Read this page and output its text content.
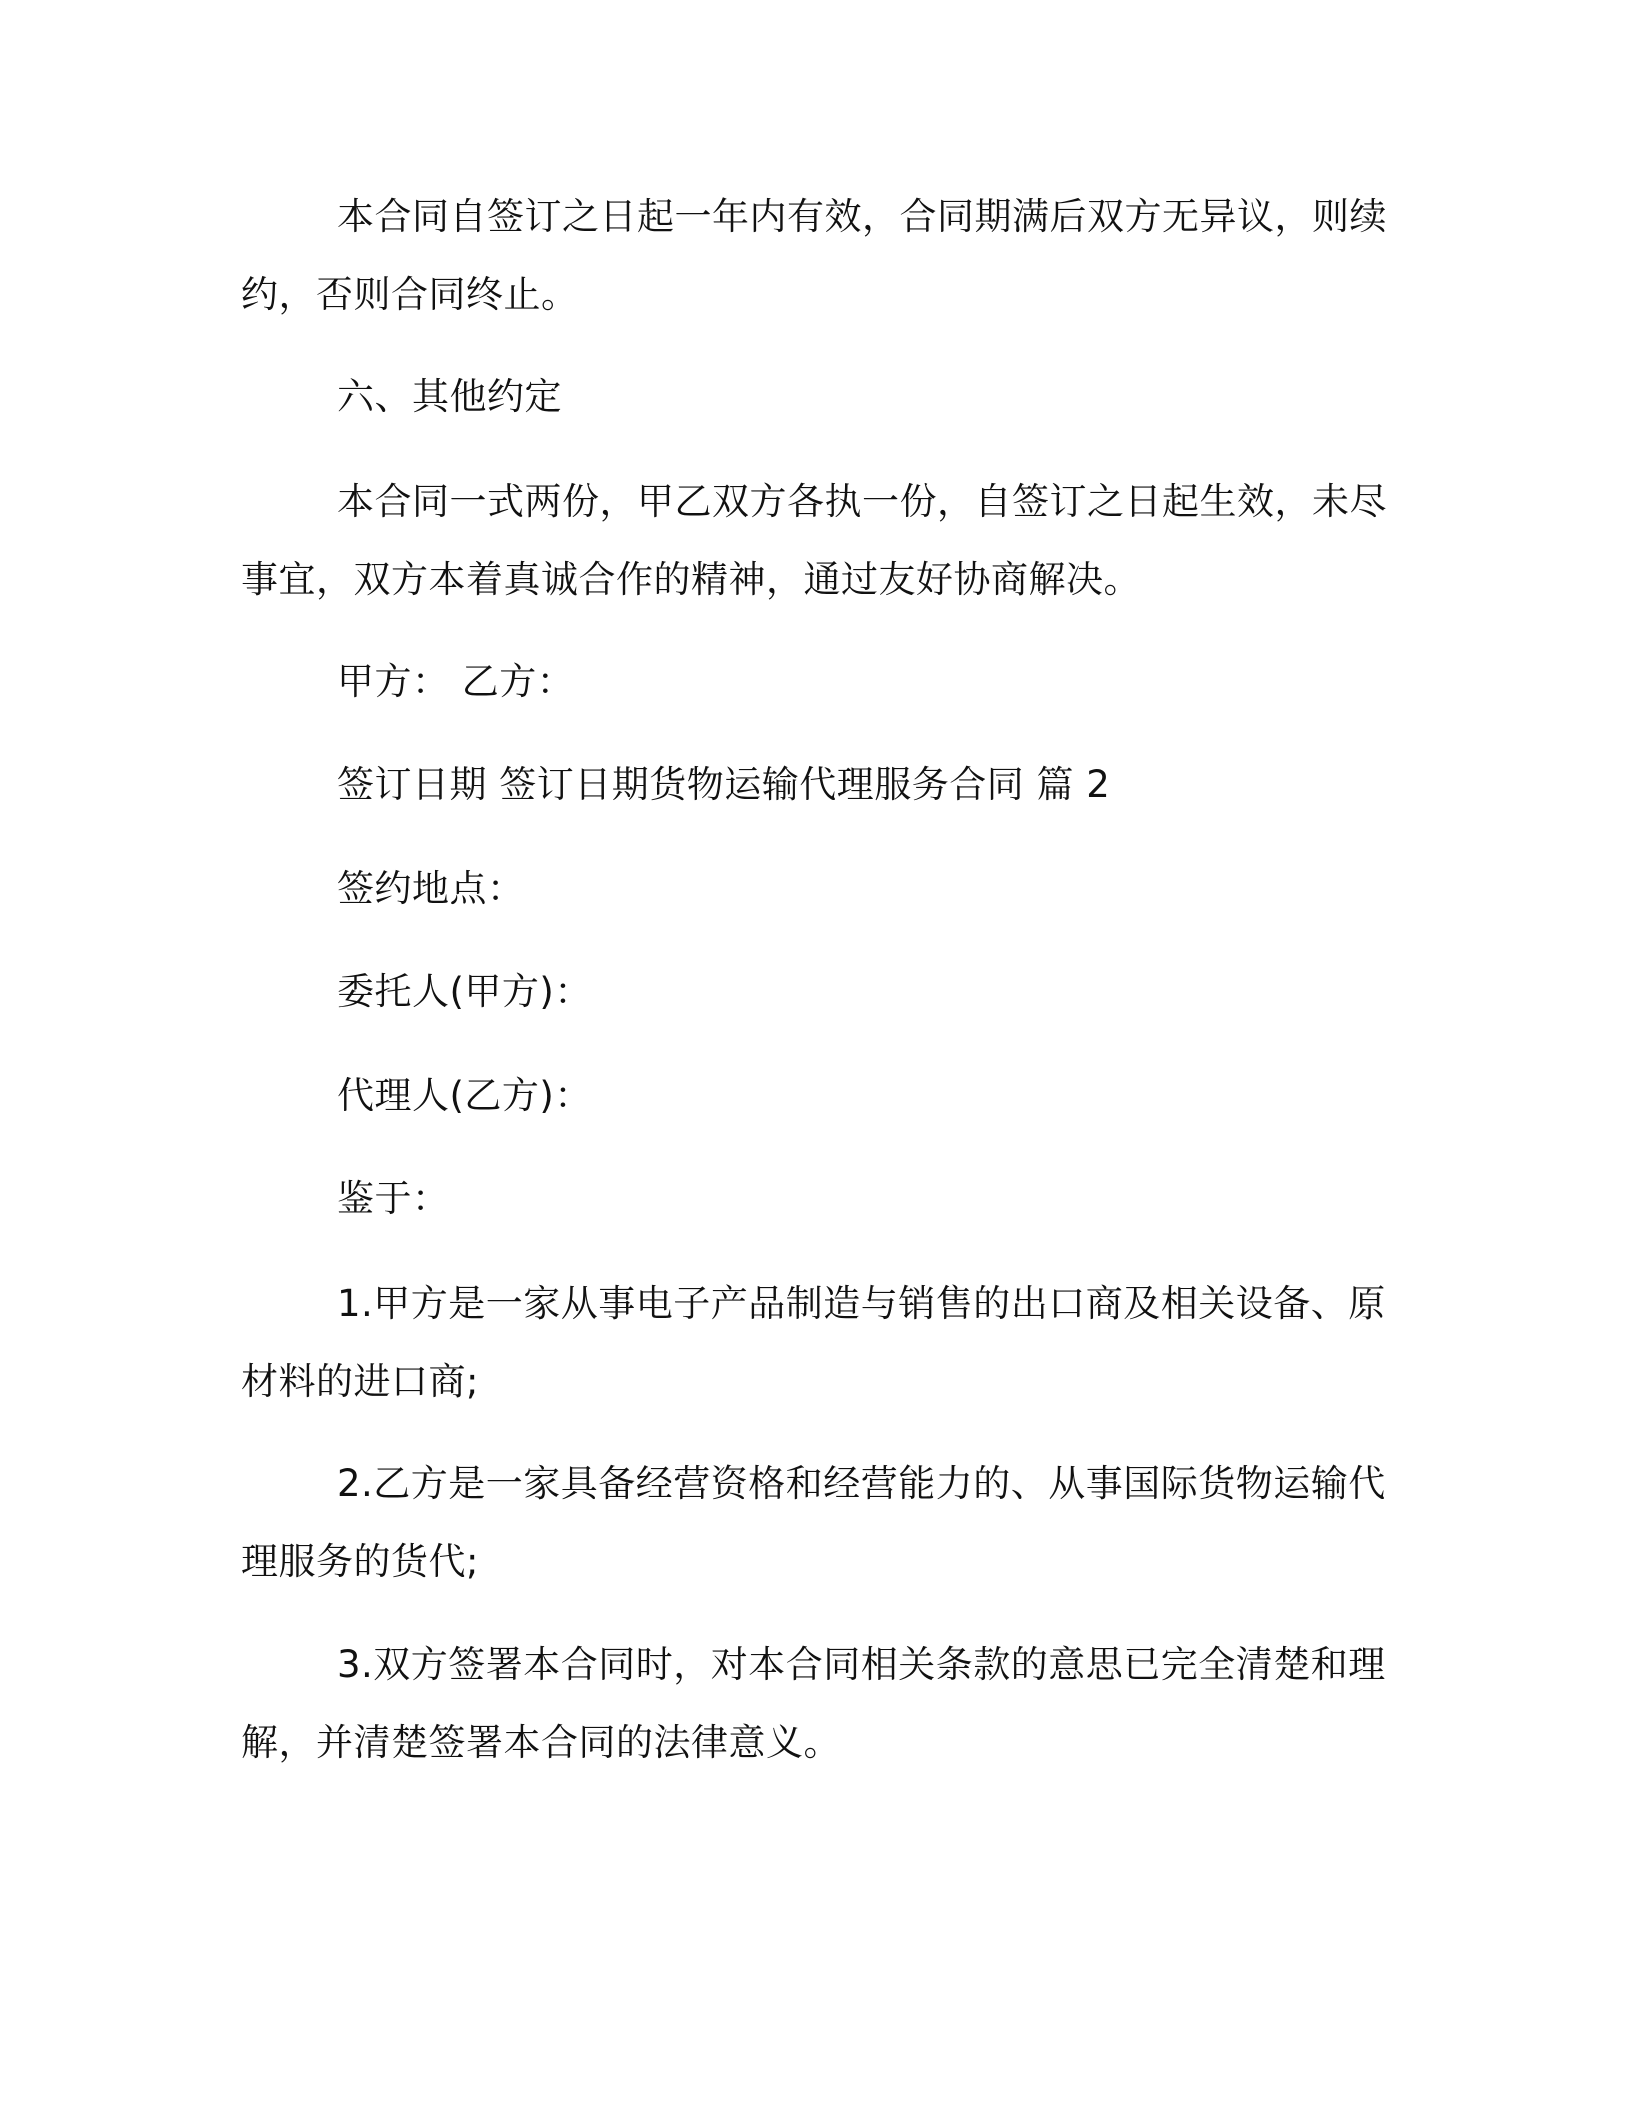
本合同自签订之日起一年内有效，合同期满后双方无异议，则续
约，否则合同终止。

六、其他约定

本合同一式两份，甲乙双方各执一份，自签订之日起生效，未尽
事宜，双方本着真诚合作的精神，通过友好协商解决。

甲方： 乙方：

签订日期 签订日期货物运输代理服务合同 篇 2

签约地点：

委托人(甲方)：

代理人(乙方)：

鉴于：

1.甲方是一家从事电子产品制造与销售的出口商及相关设备、原
材料的进口商;

2.乙方是一家具备经营资格和经营能力的、从事国际货物运输代
理服务的货代;

3.双方签署本合同时，对本合同相关条款的意思已完全清楚和理
解，并清楚签署本合同的法律意义。
